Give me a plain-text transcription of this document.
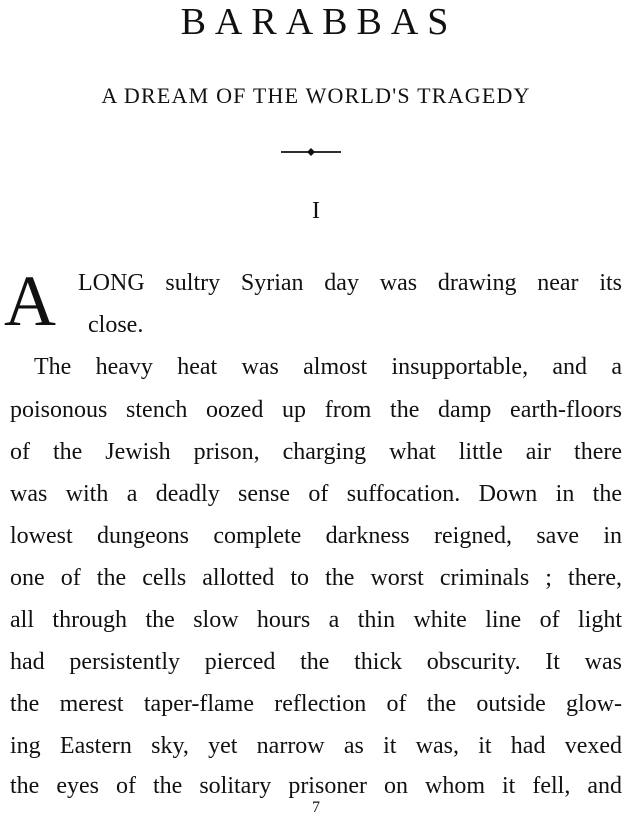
BARABBAS
A DREAM OF THE WORLD'S TRAGEDY
I
A LONG sultry Syrian day was drawing near its
close.
The heavy heat was almost insupportable, and a
poisonous stench oozed up from the damp earth-floors
of the Jewish prison, charging what little air there
was with a deadly sense of suffocation. Down in the
lowest dungeons complete darkness reigned, save in
one of the cells allotted to the worst criminals ; there,
all through the slow hours a thin white line of light
had persistently pierced the thick obscurity. It was
the merest taper-flame reflection of the outside glow-
ing Eastern sky, yet narrow as it was, it had vexed
the eyes of the solitary prisoner on whom it fell, and
7
